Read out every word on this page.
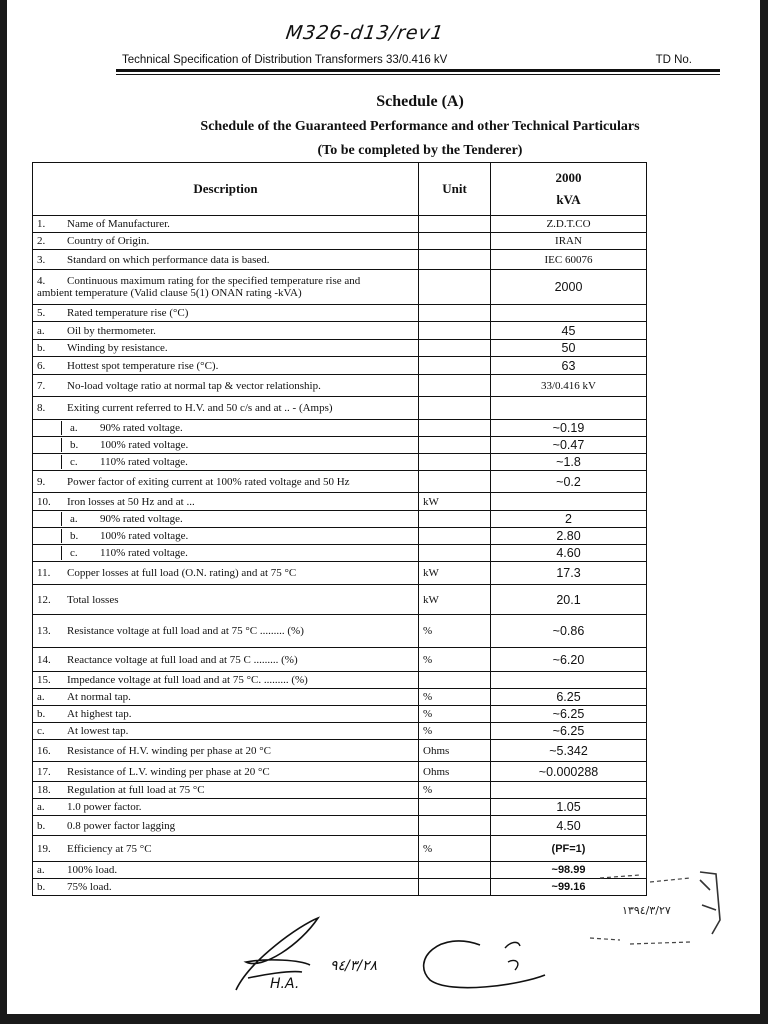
M326-d13/rev1
Technical Specification of Distribution Transformers 33/0.416 kV	TD No.
Schedule (A)
Schedule of the Guaranteed Performance and other Technical Particulars
(To be completed by the Tenderer)
Description	Unit	2000
kVA

1. Name of Manufacturer.		Z.D.T.CO
2. Country of Origin.		IRAN
3. Standard on which performance data is based.		IEC 60076
4. Continuous maximum rating for the specified temperature rise and
ambient temperature (Valid clause 5(1) ONAN rating -kVA)		2000
5. Rated temperature rise (°C)		
a. Oil by thermometer.		45
b. Winding by resistance.		50
6. Hottest spot temperature rise (°C).		63
7. No-load voltage ratio at normal tap & vector relationship.		33/0.416 kV
8. Exiting current referred to H.V. and 50 c/s and at .. - (Amps)		

a. 90% rated voltage.		~0.19

b. 100% rated voltage.		~0.47

c. 110% rated voltage.		~1.8
9. Power factor of exiting current at 100% rated voltage and 50 Hz		~0.2
10. Iron losses at 50 Hz and at ...	kW	

a. 90% rated voltage.		2

b. 100% rated voltage.		2.80

c. 110% rated voltage.		4.60
11. Copper losses at full load (O.N. rating) and at 75 °C	kW	17.3
12. Total losses	kW	20.1
13. Resistance voltage at full load and at 75 °C ......... (%)	%	~0.86
14. Reactance voltage at full load and at 75 C ......... (%)	%	~6.20
15. Impedance voltage at full load and at 75 °C. ......... (%)		
a. At normal tap.	%	6.25
b. At highest tap.	%	~6.25
c. At lowest tap.	%	~6.25
16. Resistance of H.V. winding per phase at 20 °C	Ohms	~5.342
17. Resistance of L.V. winding per phase at 20 °C	Ohms	~0.000288
18. Regulation at full load at 75 °C	%	
a. 1.0 power factor.		1.05
b. 0.8 power factor lagging		4.50
19. Efficiency at 75 °C	%	(PF=1)
a. 100% load.		~98.99
b. 75% load.		~99.16
H.A.
٩٤/٣/٢٨
١٣٩٤/٣/٢٧
